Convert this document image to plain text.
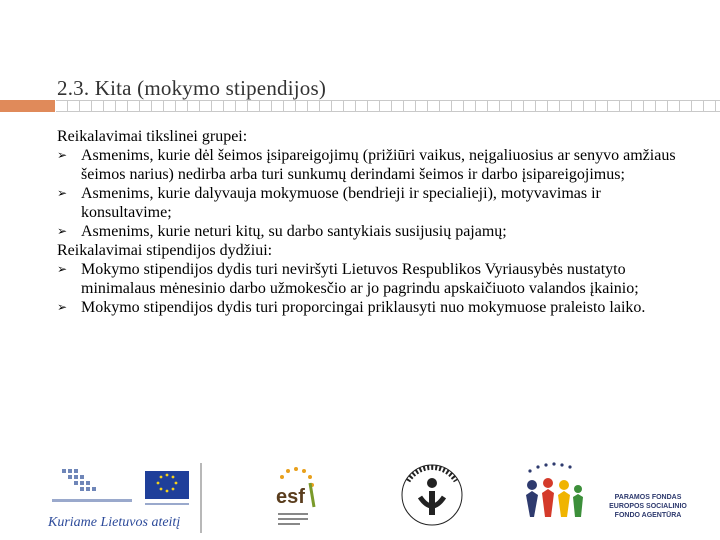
2.3. Kita (mokymo stipendijos)

Reikalavimai tikslinei grupei:

➢ Asmenims, kurie dėl šeimos įsipareigojimų (prižiūri vaikus, neįgaliuosius ar senyvo amžiaus šeimos narius) nedirba arba turi sunkumų derindami šeimos ir darbo įsipareigojimus;
➢ Asmenims, kurie dalyvauja mokymuose (bendrieji ir specialieji), motyvavimas ir konsultavime;
➢ Asmenims, kurie neturi kitų, su darbo santykiais susijusių pajamų;

Reikalavimai stipendijos dydžiui:

➢ Mokymo stipendijos dydis turi neviršyti Lietuvos Respublikos Vyriausybės nustatyto minimalaus mėnesinio darbo užmokesčio ar jo pagrindu apskaičiuoto valandos įkainio;
➢ Mokymo stipendijos dydis turi proporcingai priklausyti nuo mokymuose praleisto laiko.
Kuriame Lietuvos ateitį
esf	PARAMOS FONDAS
EUROPOS SOCIALINIO
FONDO AGENTŪRA
